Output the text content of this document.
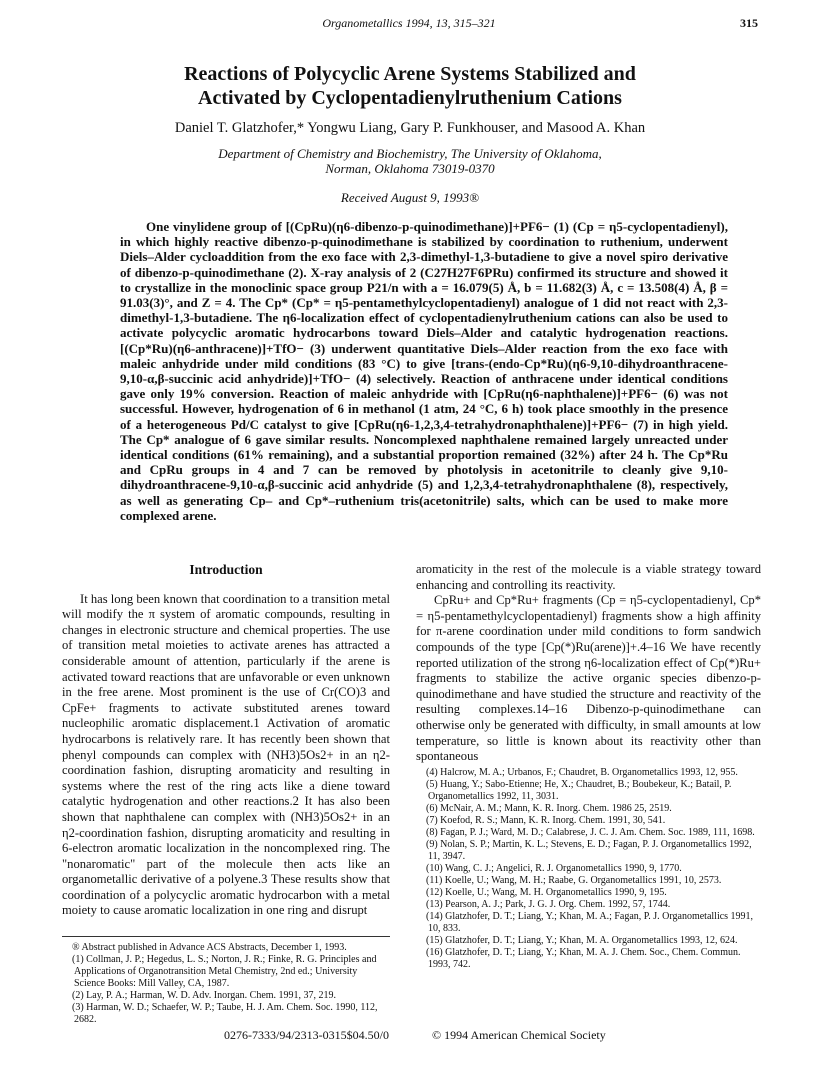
Organometallics 1994, 13, 315–321	315
Reactions of Polycyclic Arene Systems Stabilized and
Activated by Cyclopentadienylruthenium Cations
Daniel T. Glatzhofer,* Yongwu Liang, Gary P. Funkhouser, and Masood A. Khan
Department of Chemistry and Biochemistry, The University of Oklahoma,
Norman, Oklahoma 73019-0370
Received August 9, 1993®

One vinylidene group of [(CpRu)(η6-dibenzo-p-quinodimethane)]+PF6− (1) (Cp = η5-cyclopentadienyl), in which highly reactive dibenzo-p-quinodimethane is stabilized by coordination to ruthenium, underwent Diels–Alder cycloaddition from the exo face with 2,3-dimethyl-1,3-butadiene to give a novel spiro derivative of dibenzo-p-quinodimethane (2). X-ray analysis of 2 (C27H27F6PRu) confirmed its structure and showed it to crystallize in the monoclinic space group P21/n with a = 16.079(5) Å, b = 11.682(3) Å, c = 13.508(4) Å, β = 91.03(3)°, and Z = 4. The Cp* (Cp* = η5-pentamethylcyclopentadienyl) analogue of 1 did not react with 2,3-dimethyl-1,3-butadiene. The η6-localization effect of cyclopentadienylruthenium cations can also be used to activate polycyclic aromatic hydrocarbons toward Diels–Alder and catalytic hydrogenation reactions. [(Cp*Ru)(η6-anthracene)]+TfO− (3) underwent quantitative Diels–Alder reaction from the exo face with maleic anhydride under mild conditions (83 °C) to give [trans-(endo-Cp*Ru)(η6-9,10-dihydroanthracene-9,10-α,β-succinic acid anhydride)]+TfO− (4) selectively. Reaction of anthracene under identical conditions gave only 19% conversion. Reaction of maleic anhydride with [CpRu(η6-naphthalene)]+PF6− (6) was not successful. However, hydrogenation of 6 in methanol (1 atm, 24 °C, 6 h) took place smoothly in the presence of a heterogeneous Pd/C catalyst to give [CpRu(η6-1,2,3,4-tetrahydronaphthalene)]+PF6− (7) in high yield. The Cp* analogue of 6 gave similar results. Noncomplexed naphthalene remained largely unreacted under identical conditions (61% remaining), and a substantial proportion remained (32%) after 24 h. The Cp*Ru and CpRu groups in 4 and 7 can be removed by photolysis in acetonitrile to cleanly give 9,10-dihydroanthracene-9,10-α,β-succinic acid anhydride (5) and 1,2,3,4-tetrahydronaphthalene (8), respectively, as well as generating Cp– and Cp*–ruthenium tris(acetonitrile) salts, which can be used to make more complexed arene.

Introduction

It has long been known that coordination to a transition metal will modify the π system of aromatic compounds, resulting in changes in electronic structure and chemical properties. The use of transition metal moieties to activate arenes has attracted a considerable amount of attention, particularly if the arene is activated toward reactions that are unfavorable or even unknown in the free arene. Most prominent is the use of Cr(CO)3 and CpFe+ fragments to activate substituted arenes toward nucleophilic aromatic displacement.1 Activation of aromatic hydrocarbons is relatively rare. It has recently been shown that phenyl compounds can complex with (NH3)5Os2+ in an η2-coordination fashion, disrupting aromaticity and resulting in systems where the rest of the ring acts like a diene toward catalytic hydrogenation and other reactions.2 It has also been shown that naphthalene can complex with (NH3)5Os2+ in an η2-coordination fashion, disrupting aromaticity and resulting in 6-electron aromatic localization in the noncomplexed ring. The "nonaromatic" part of the molecule then acts like an organometallic derivative of a polyene.3 These results show that coordination of a polycyclic aromatic hydrocarbon with a metal moiety to cause aromatic localization in one ring and disrupt

aromaticity in the rest of the molecule is a viable strategy toward enhancing and controlling its reactivity.

CpRu+ and Cp*Ru+ fragments (Cp = η5-cyclopentadienyl, Cp* = η5-pentamethylcyclopentadienyl) fragments show a high affinity for π-arene coordination under mild conditions to form sandwich compounds of the type [Cp(*)Ru(arene)]+.4–16 We have recently reported utilization of the strong η6-localization effect of Cp(*)Ru+ fragments to stabilize the active organic species dibenzo-p-quinodimethane and have studied the structure and reactivity of the resulting complexes.14–16 Dibenzo-p-quinodimethane can otherwise only be generated with difficulty, in small amounts at low temperature, so little is known about its reactivity other than spontaneous

® Abstract published in Advance ACS Abstracts, December 1, 1993.

(1) Collman, J. P.; Hegedus, L. S.; Norton, J. R.; Finke, R. G. Principles and Applications of Organotransition Metal Chemistry, 2nd ed.; University Science Books: Mill Valley, CA, 1987.

(2) Lay, P. A.; Harman, W. D. Adv. Inorgan. Chem. 1991, 37, 219.

(3) Harman, W. D.; Schaefer, W. P.; Taube, H. J. Am. Chem. Soc. 1990, 112, 2682.

(4) Halcrow, M. A.; Urbanos, F.; Chaudret, B. Organometallics 1993, 12, 955.

(5) Huang, Y.; Sabo-Etienne; He, X.; Chaudret, B.; Boubekeur, K.; Batail, P. Organometallics 1992, 11, 3031.

(6) McNair, A. M.; Mann, K. R. Inorg. Chem. 1986 25, 2519.

(7) Koefod, R. S.; Mann, K. R. Inorg. Chem. 1991, 30, 541.

(8) Fagan, P. J.; Ward, M. D.; Calabrese, J. C. J. Am. Chem. Soc. 1989, 111, 1698.

(9) Nolan, S. P.; Martin, K. L.; Stevens, E. D.; Fagan, P. J. Organometallics 1992, 11, 3947.

(10) Wang, C. J.; Angelici, R. J. Organometallics 1990, 9, 1770.

(11) Koelle, U.; Wang, M. H.; Raabe, G. Organometallics 1991, 10, 2573.

(12) Koelle, U.; Wang, M. H. Organometallics 1990, 9, 195.

(13) Pearson, A. J.; Park, J. G. J. Org. Chem. 1992, 57, 1744.

(14) Glatzhofer, D. T.; Liang, Y.; Khan, M. A.; Fagan, P. J. Organometallics 1991, 10, 833.

(15) Glatzhofer, D. T.; Liang, Y.; Khan, M. A. Organometallics 1993, 12, 624.

(16) Glatzhofer, D. T.; Liang, Y.; Khan, M. A. J. Chem. Soc., Chem. Commun. 1993, 742.

0276-7333/94/2313-0315$04.50/0	© 1994 American Chemical Society
